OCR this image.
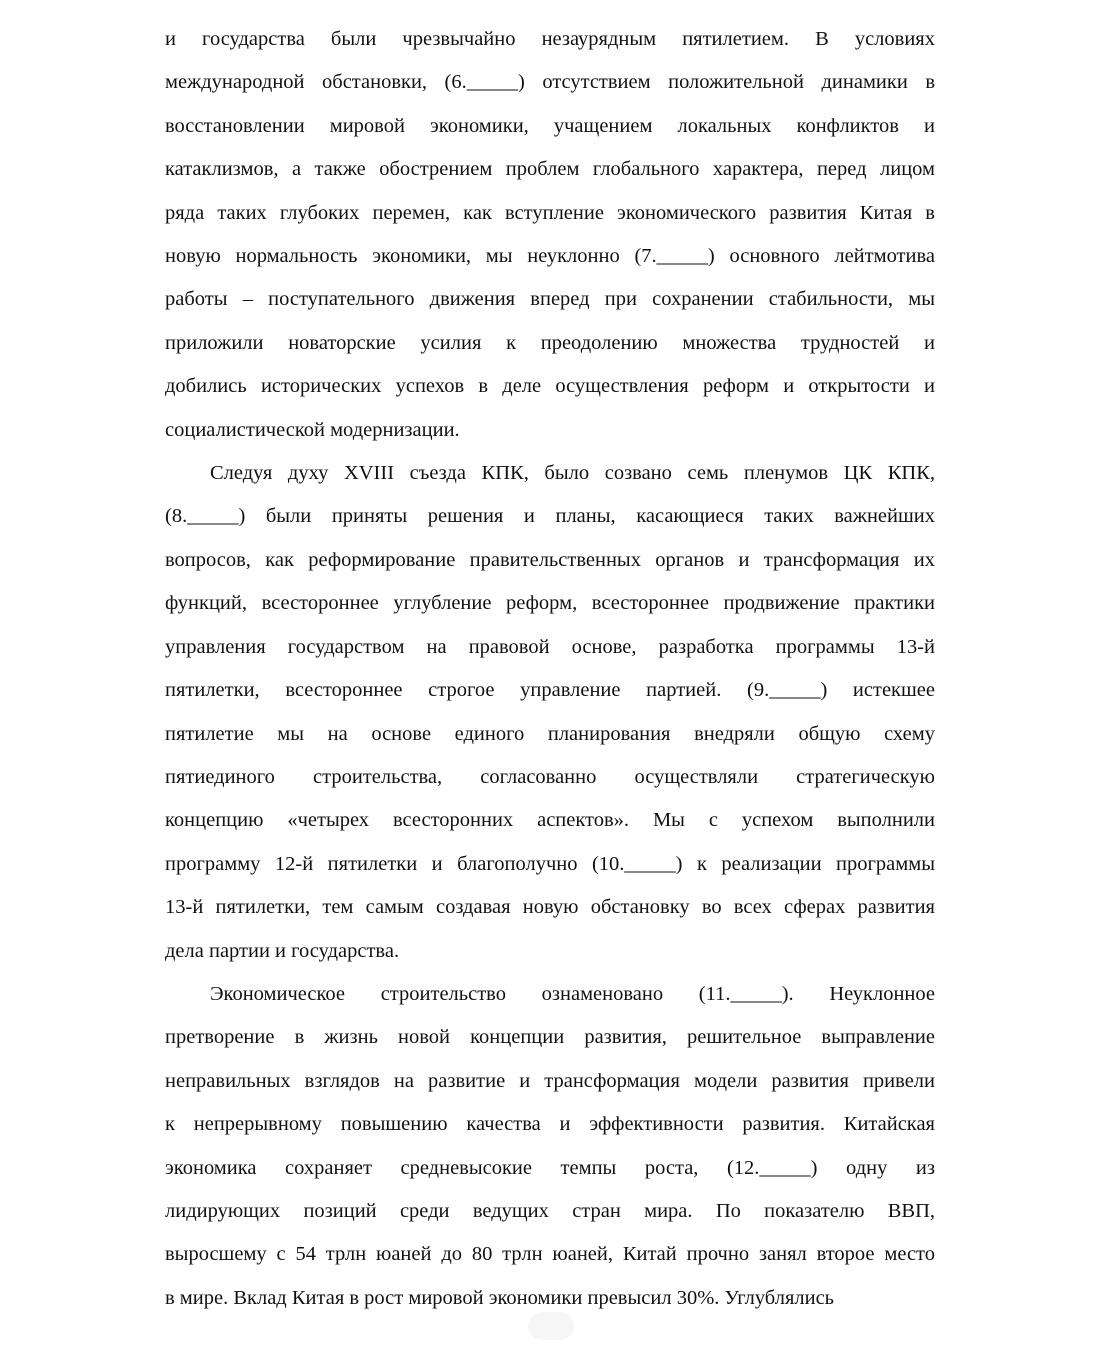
и государства были чрезвычайно незаурядным пятилетием. В условиях
международной обстановки, (6._____) отсутствием положительной динамики в
восстановлении мировой экономики, учащением локальных конфликтов и
катаклизмов, а также обострением проблем глобального характера, перед лицом
ряда таких глубоких перемен, как вступление экономического развития Китая в
новую нормальность экономики, мы неуклонно (7._____) основного лейтмотива
работы – поступательного движения вперед при сохранении стабильности, мы
приложили новаторские усилия к преодолению множества трудностей и
добились исторических успехов в деле осуществления реформ и открытости и
социалистической модернизации.
Следуя духу XVIII съезда КПК, было созвано семь пленумов ЦК КПК,
(8._____) были приняты решения и планы, касающиеся таких важнейших
вопросов, как реформирование правительственных органов и трансформация их
функций, всестороннее углубление реформ, всестороннее продвижение практики
управления государством на правовой основе, разработка программы 13-й
пятилетки, всестороннее строгое управление партией. (9._____) истекшее
пятилетие мы на основе единого планирования внедряли общую схему
пятиединого строительства, согласованно осуществляли стратегическую
концепцию «четырех всесторонних аспектов». Мы с успехом выполнили
программу 12-й пятилетки и благополучно (10._____) к реализации программы
13-й пятилетки, тем самым создавая новую обстановку во всех сферах развития
дела партии и государства.
Экономическое строительство ознаменовано (11._____). Неуклонное
претворение в жизнь новой концепции развития, решительное выправление
неправильных взглядов на развитие и трансформация модели развития привели
к непрерывному повышению качества и эффективности развития. Китайская
экономика сохраняет средневысокие темпы роста, (12._____) одну из
лидирующих позиций среди ведущих стран мира. По показателю ВВП,
выросшему с 54 трлн юаней до 80 трлн юаней, Китай прочно занял второе место
в мире. Вклад Китая в рост мировой экономики превысил 30%. Углублялись
